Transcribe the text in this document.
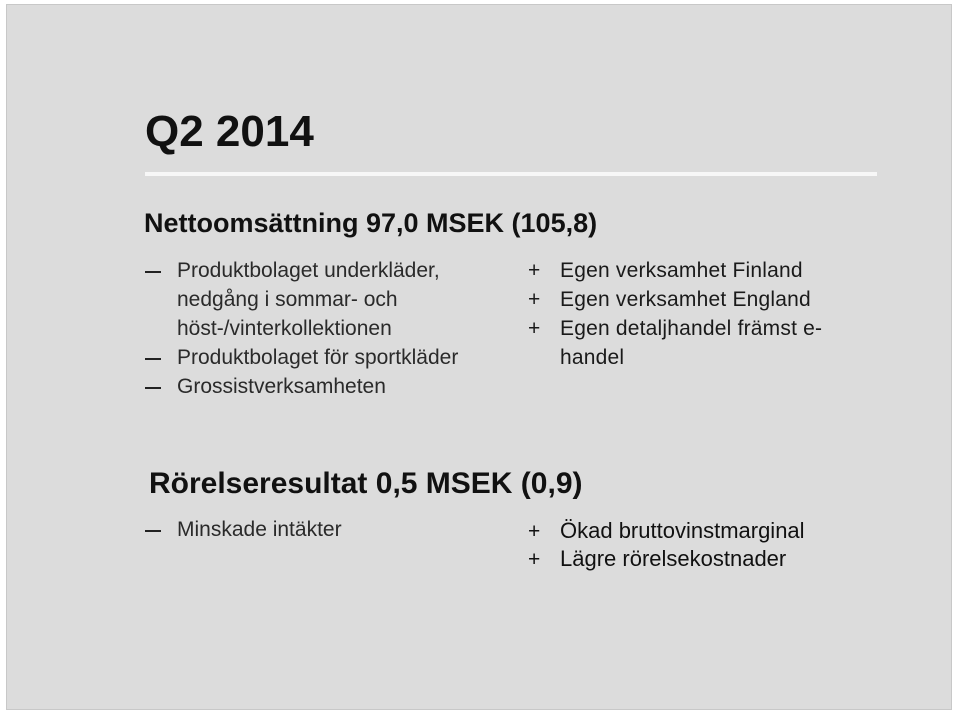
Q2 2014
Nettoomsättning 97,0 MSEK (105,8)
Produktbolaget underkläder, nedgång i sommar- och höst-/vinterkollektionen
Produktbolaget för sportkläder
Grossistverksamheten
+ Egen verksamhet Finland
+ Egen verksamhet England
+ Egen detaljhandel främst e-handel
Rörelseresultat 0,5 MSEK (0,9)
Minskade intäkter	+ Ökad bruttovinstmarginal
+ Lägre rörelsekostnader
